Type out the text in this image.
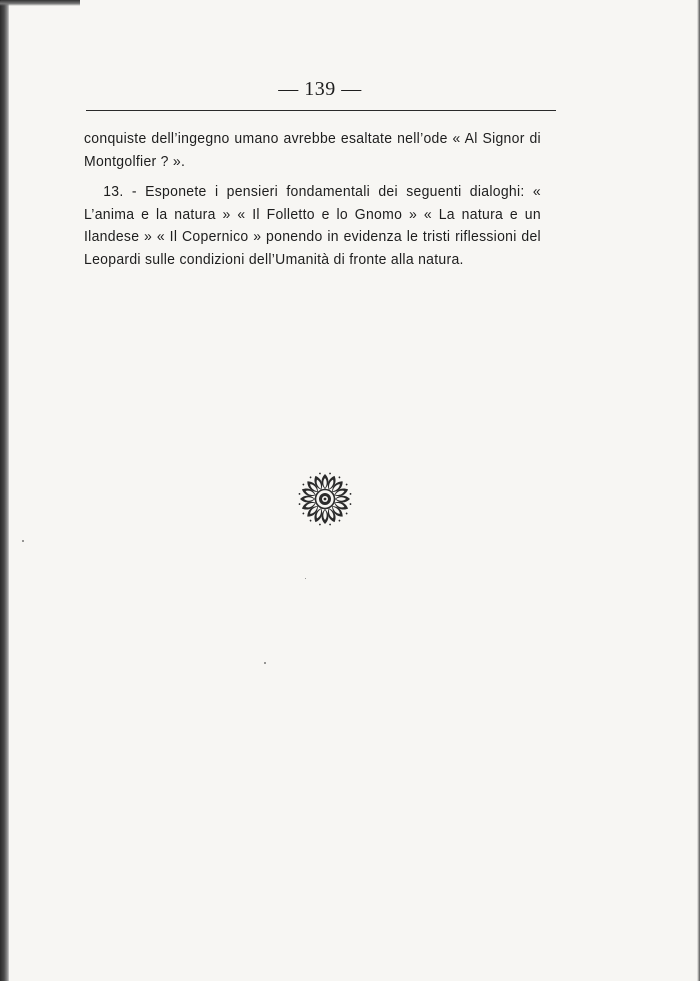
— 139 —

conquiste dell’ingegno umano avrebbe esaltate nell’ode « Al Signor di Montgolfier ? ».

13. - Esponete i pensieri fondamentali dei seguenti dialoghi: « L’anima e la natura » « Il Folletto e lo Gnomo » « La natura e un Ilandese » « Il Copernico » ponendo in evidenza le tristi riflessioni del Leopardi sulle condizioni dell’Umanità di fronte alla natura.
